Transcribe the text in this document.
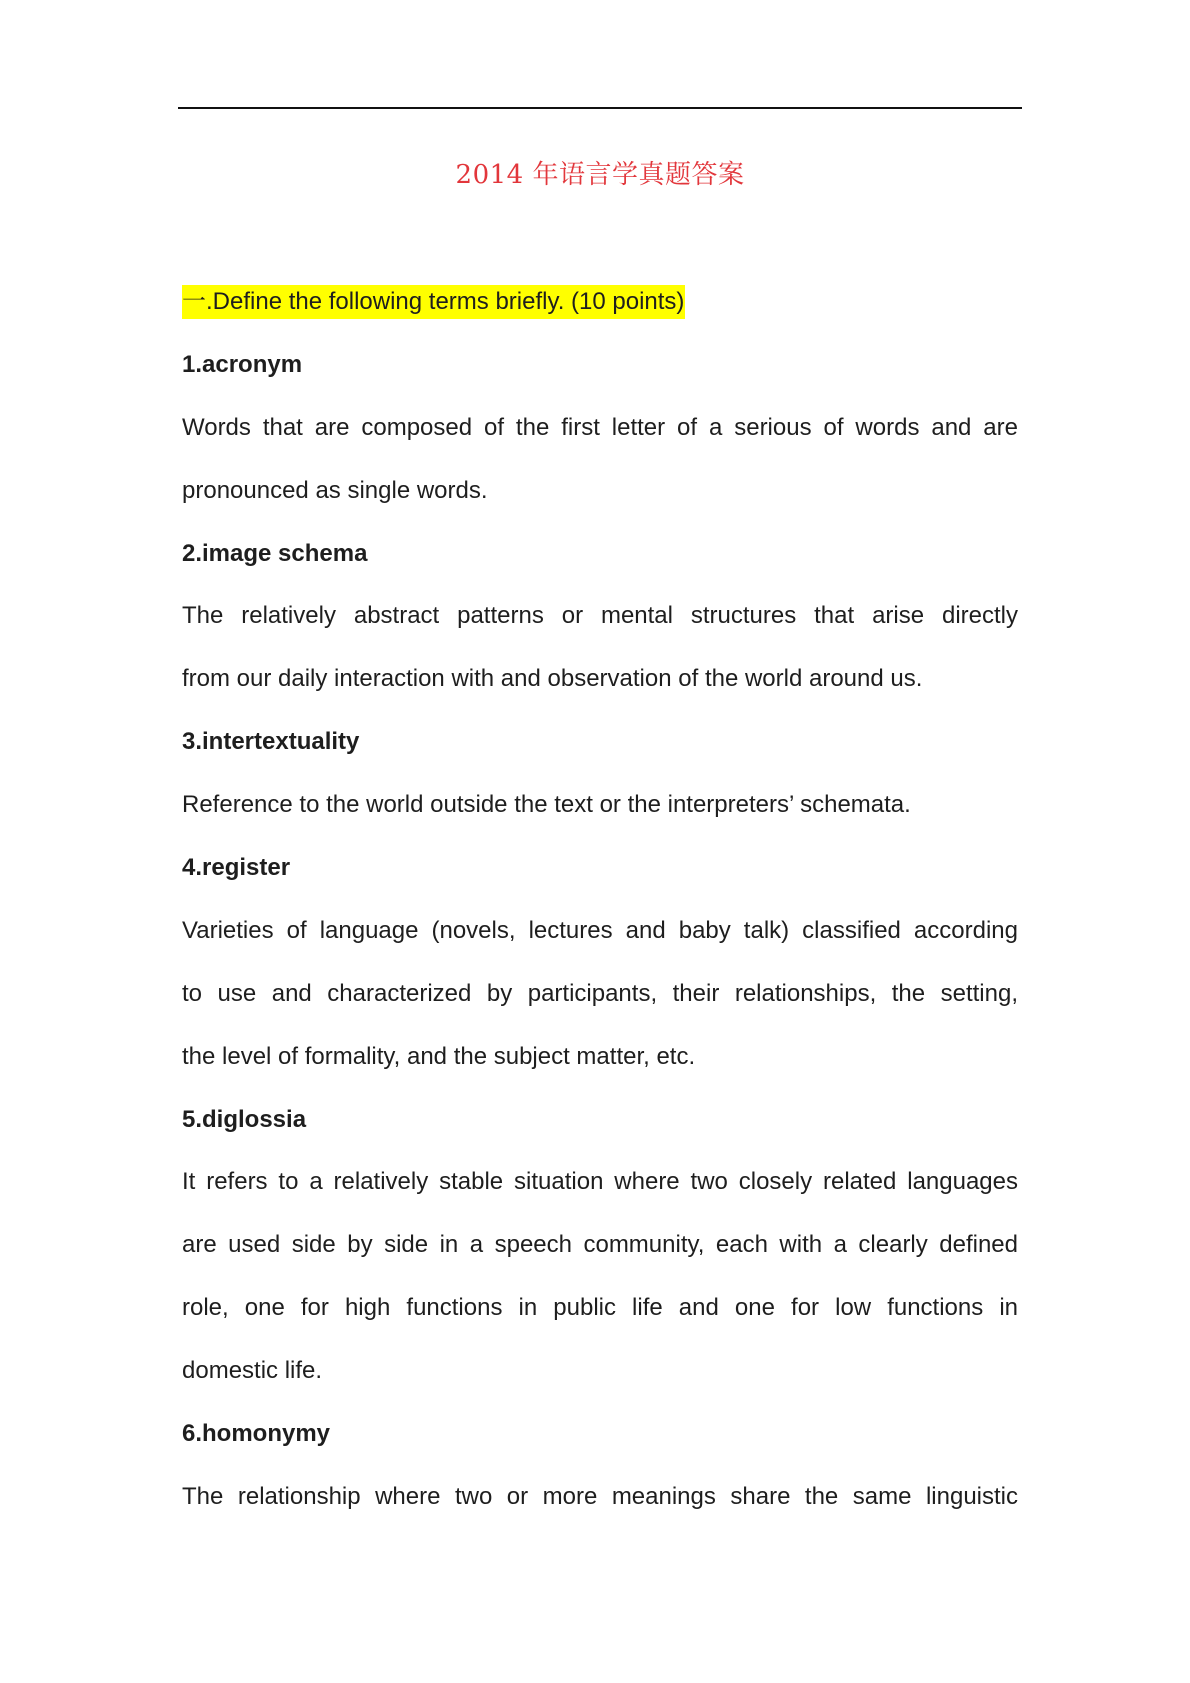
2014 年语言学真题答案
一.Define the following terms briefly. (10 points)
1.acronym
Words that are composed of the first letter of a serious of words and are
pronounced as single words.
2.image schema
The relatively abstract patterns or mental structures that arise directly
from our daily interaction with and observation of the world around us.
3.intertextuality
Reference to the world outside the text or the interpreters’ schemata.
4.register
Varieties of language (novels, lectures and baby talk) classified according
to use and characterized by participants, their relationships, the setting,
the level of formality, and the subject matter, etc.
5.diglossia
It refers to a relatively stable situation where two closely related languages
are used side by side in a speech community, each with a clearly defined
role, one for high functions in public life and one for low functions in
domestic life.
6.homonymy
The relationship where two or more meanings share the same linguistic
